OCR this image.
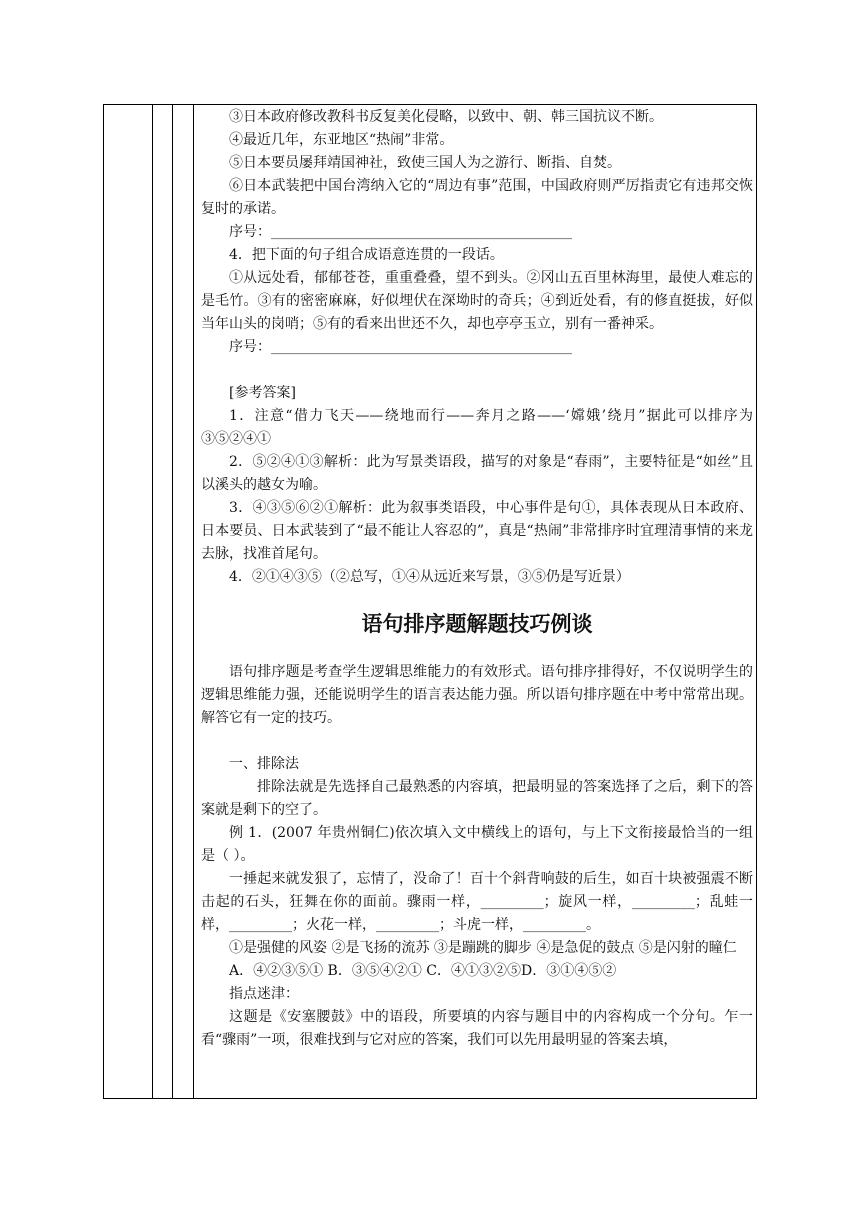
③日本政府修改教科书反复美化侵略，以致中、朝、韩三国抗议不断。

④最近几年，东亚地区“热闹”非常。

⑤日本要员屡拜靖国神社，致使三国人为之游行、断指、自焚。

⑥日本武装把中国台湾纳入它的“周边有事”范围，中国政府则严厉指责它有违邦交恢复时的承诺。

序号：___________________________________________

4．把下面的句子组合成语意连贯的一段话。

①从远处看，郁郁苍苍，重重叠叠，望不到头。②冈山五百里林海里，最使人难忘的是毛竹。③有的密密麻麻，好似埋伏在深坳时的奇兵；④到近处看，有的修直挺拔，好似当年山头的岗哨；⑤有的看来出世还不久，却也亭亭玉立，别有一番神采。

序号：___________________________________________

[参考答案]

1．注意“借力飞天——绕地而行——奔月之路——‘嫦娥’绕月”据此可以排序为③⑤②④①

2．⑤②④①③解析：此为写景类语段，描写的对象是“春雨”，主要特征是“如丝”且以溪头的越女为喻。

3．④③⑤⑥②①解析：此为叙事类语段，中心事件是句①，具体表现从日本政府、日本要员、日本武装到了“最不能让人容忍的”，真是“热闹”非常排序时宜理清事情的来龙去脉，找准首尾句。

4．②①④③⑤（②总写，①④从远近来写景，③⑤仍是写近景）

语句排序题解题技巧例谈

语句排序题是考查学生逻辑思维能力的有效形式。语句排序排得好，不仅说明学生的逻辑思维能力强，还能说明学生的语言表达能力强。所以语句排序题在中考中常常出现。解答它有一定的技巧。

一、排除法

排除法就是先选择自己最熟悉的内容填，把最明显的答案选择了之后，剩下的答案就是剩下的空了。

例 1．(2007 年贵州铜仁)依次填入文中横线上的语句，与上下文衔接最恰当的一组是（ ）。

一捶起来就发狠了，忘情了，没命了！百十个斜背响鼓的后生，如百十块被强震不断击起的石头，狂舞在你的面前。骤雨一样，_________；旋风一样，_________；乱蛙一样，_________；火花一样，_________；斗虎一样，_________。

①是强健的风姿 ②是飞扬的流苏 ③是蹦跳的脚步 ④是急促的鼓点 ⑤是闪射的瞳仁

A．④②③⑤① B．③⑤④②① C．④①③②⑤D．③①④⑤②

指点迷津：

这题是《安塞腰鼓》中的语段，所要填的内容与题目中的内容构成一个分句。乍一看“骤雨”一项，很难找到与它对应的答案，我们可以先用最明显的答案去填，
